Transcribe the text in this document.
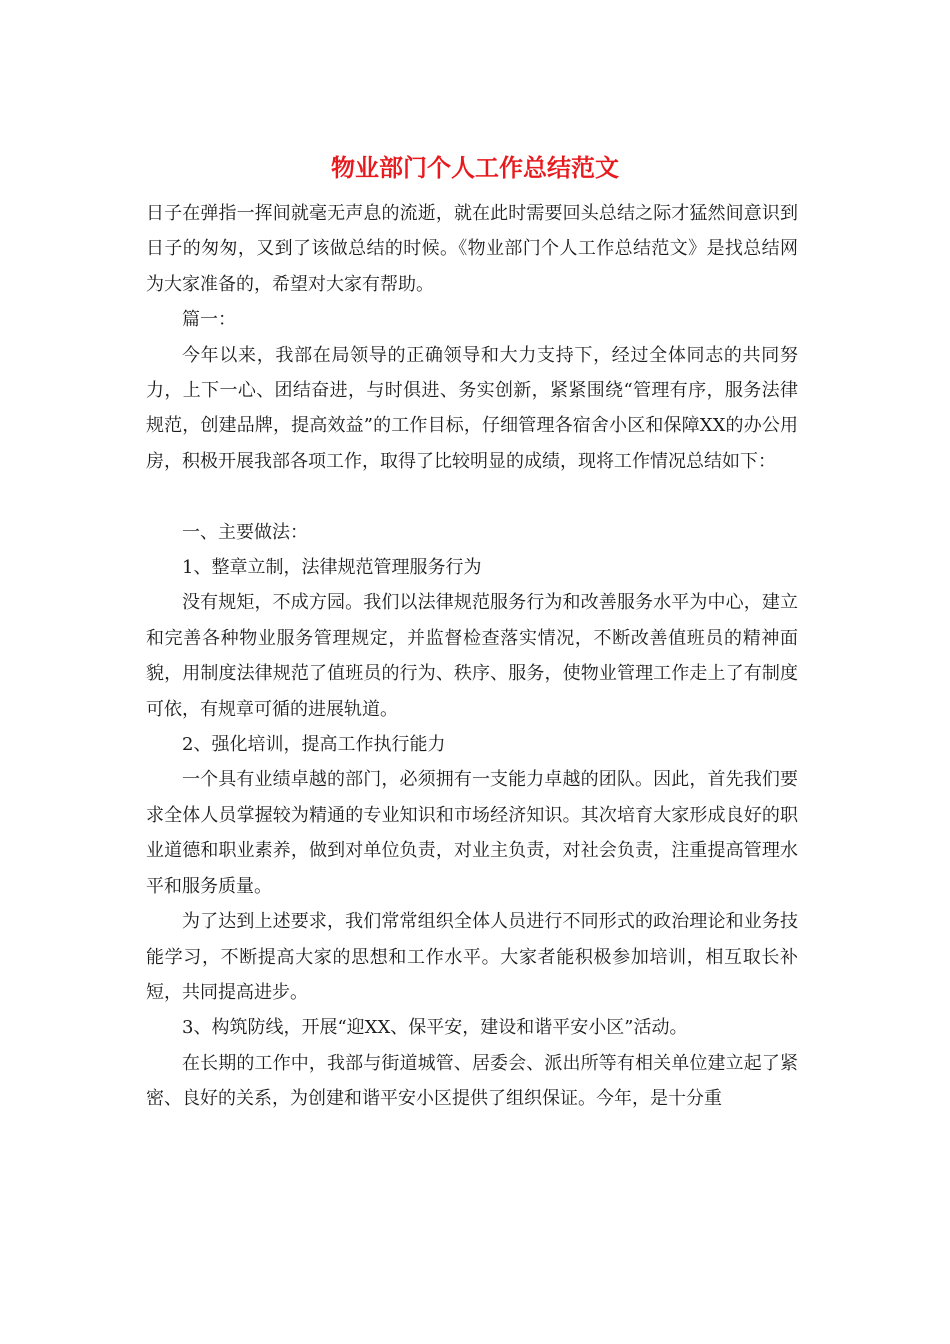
物业部门个人工作总结范文

日子在弹指一挥间就毫无声息的流逝，就在此时需要回头总结之际才猛然间意识到日子的匆匆，又到了该做总结的时候。《物业部门个人工作总结范文》是找总结网为大家准备的，希望对大家有帮助。

篇一：

今年以来，我部在局领导的正确领导和大力支持下，经过全体同志的共同努力，上下一心、团结奋进，与时俱进、务实创新，紧紧围绕“管理有序，服务法律规范，创建品牌，提高效益”的工作目标，仔细管理各宿舍小区和保障XX的办公用房，积极开展我部各项工作，取得了比较明显的成绩，现将工作情况总结如下：

一、主要做法：

1、整章立制，法律规范管理服务行为

没有规矩，不成方园。我们以法律规范服务行为和改善服务水平为中心，建立和完善各种物业服务管理规定，并监督检查落实情况，不断改善值班员的精神面貌，用制度法律规范了值班员的行为、秩序、服务，使物业管理工作走上了有制度可依，有规章可循的进展轨道。

2、强化培训，提高工作执行能力

一个具有业绩卓越的部门，必须拥有一支能力卓越的团队。因此，首先我们要求全体人员掌握较为精通的专业知识和市场经济知识。其次培育大家形成良好的职业道德和职业素养，做到对单位负责，对业主负责，对社会负责，注重提高管理水平和服务质量。

为了达到上述要求，我们常常组织全体人员进行不同形式的政治理论和业务技能学习，不断提高大家的思想和工作水平。大家者能积极参加培训，相互取长补短，共同提高进步。

3、构筑防线，开展“迎XX、保平安，建设和谐平安小区”活动。

在长期的工作中，我部与街道城管、居委会、派出所等有相关单位建立起了紧密、良好的关系，为创建和谐平安小区提供了组织保证。今年，是十分重
